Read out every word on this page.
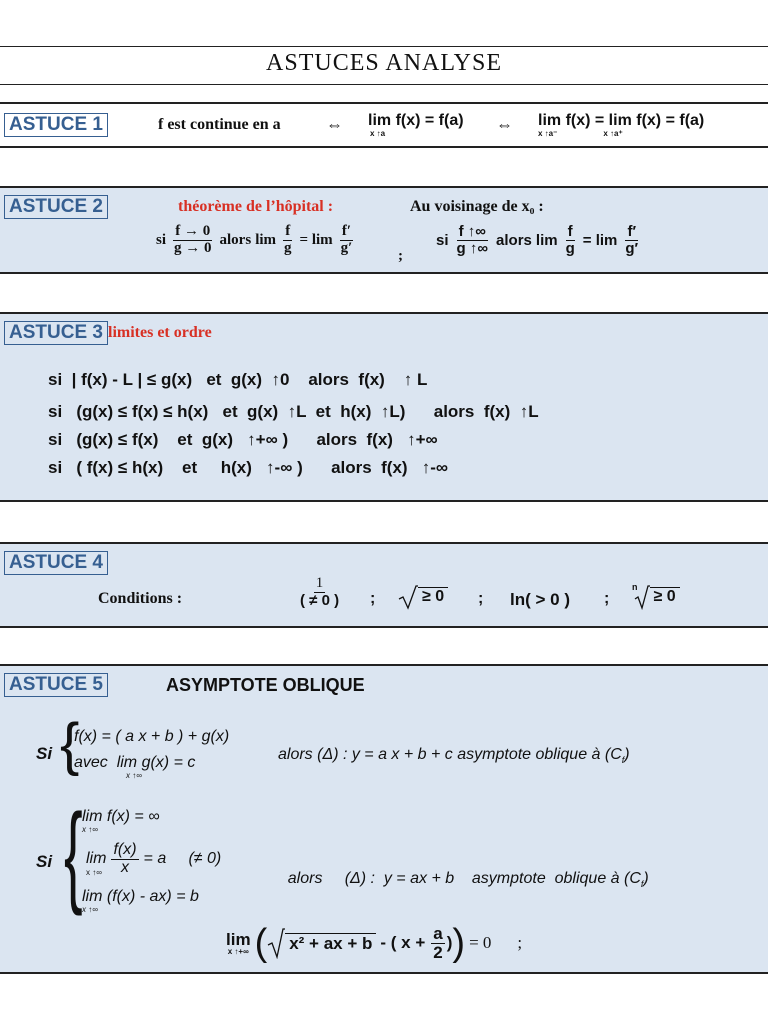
ASTUCES ANALYSE
ASTUCE 1	f est continue en a	⇔ lim f(x) = f(a)
x ↑a	⇔ lim f(x) = lim f(x) = f(a)
x ↑a⁻	x ↑a⁺
ASTUCE 2	théorème de l’hôpital :	Au voisinage de x₀ :
si $\frac{f \to 0}{g \to 0}$ alors $\lim \frac{f}{g} = \lim \frac{f'}{g'}$	;
si $\frac{f ↑\infty}{g ↑\infty}$ alors $\lim \frac{f}{g} = \lim \frac{f'}{g'}$
ASTUCE 3 limites et ordre
si  | f(x) - L | ≤ g(x)   et  g(x)  ↑0    alors  f(x)    ↑ L
si   (g(x) ≤ f(x) ≤ h(x)   et  g(x)  ↑L  et  h(x)  ↑L)      alors  f(x)  ↑L
si   (g(x) ≤ f(x)    et  g(x)   ↑+∞ )      alors  f(x)   ↑+∞
si   ( f(x) ≤ h(x)    et     h(x)   ↑-∞ )      alors  f(x)   ↑-∞
ASTUCE 4
Conditions :	$\frac{1}{( \ne 0 )}$ ;	≥ 0 ; ln( > 0 ) ;
$^n$≥ 0
ASTUCE 5	ASYMPTOTE OBLIQUE
Si {
f(x) = ( a x + b ) + g(x)
avec lim g(x) = c
x ↑∞
alors (Δ) : y = a x + b + c asymptote oblique à $(C_f)$
Si { lim f(x) = ∞
x ↑∞
$\lim \frac{f(x)}{x} = a$     (≠ 0)
x ↑∞
lim (f(x) - ax) = b
x ↑∞

alors     (Δ) :  y = ax + b    asymptote  oblique à $(C_f)$

lim
x ↑+∞ ( x² + ax + b - ( $x + \frac{a}{2}$ ) ) = 0 ;
